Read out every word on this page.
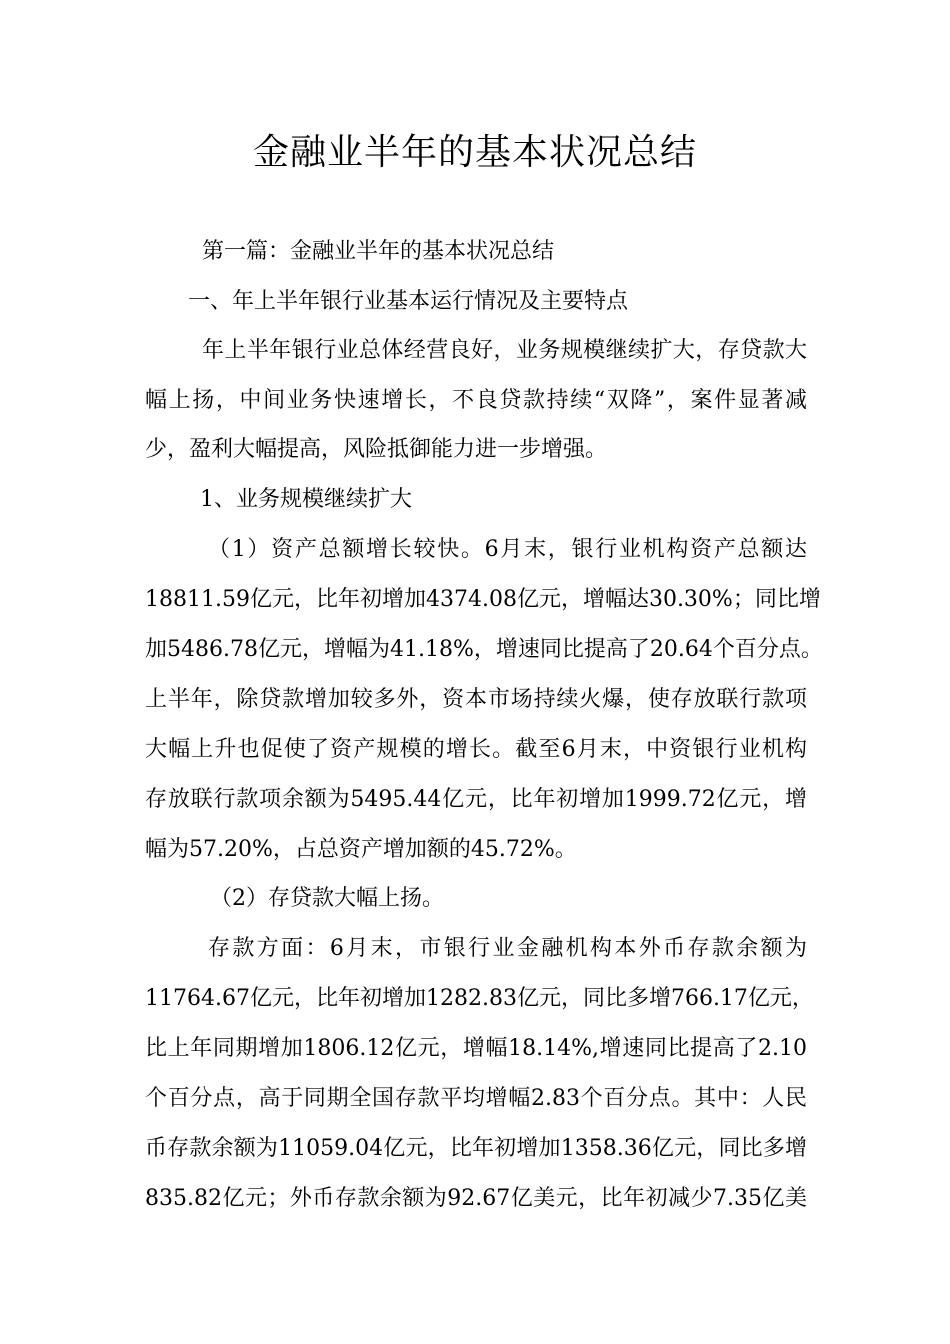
金融业半年的基本状况总结
第一篇：金融业半年的基本状况总结
一、年上半年银行业基本运行情况及主要特点
年上半年银行业总体经营良好，业务规模继续扩大，存贷款大
幅上扬，中间业务快速增长，不良贷款持续“双降”，案件显著减
少，盈利大幅提高，风险抵御能力进一步增强。
1、业务规模继续扩大
（1）资产总额增长较快。6月末，银行业机构资产总额达
18811.59亿元，比年初增加4374.08亿元，增幅达30.30%；同比增
加5486.78亿元，增幅为41.18%，增速同比提高了20.64个百分点。
上半年，除贷款增加较多外，资本市场持续火爆，使存放联行款项
大幅上升也促使了资产规模的增长。截至6月末，中资银行业机构
存放联行款项余额为5495.44亿元，比年初增加1999.72亿元，增
幅为57.20%，占总资产增加额的45.72%。
（2）存贷款大幅上扬。
存款方面：6月末，市银行业金融机构本外币存款余额为
11764.67亿元，比年初增加1282.83亿元，同比多增766.17亿元，
比上年同期增加1806.12亿元，增幅18.14%,增速同比提高了2.10
个百分点，高于同期全国存款平均增幅2.83个百分点。其中：人民
币存款余额为11059.04亿元，比年初增加1358.36亿元，同比多增
835.82亿元；外币存款余额为92.67亿美元，比年初减少7.35亿美
